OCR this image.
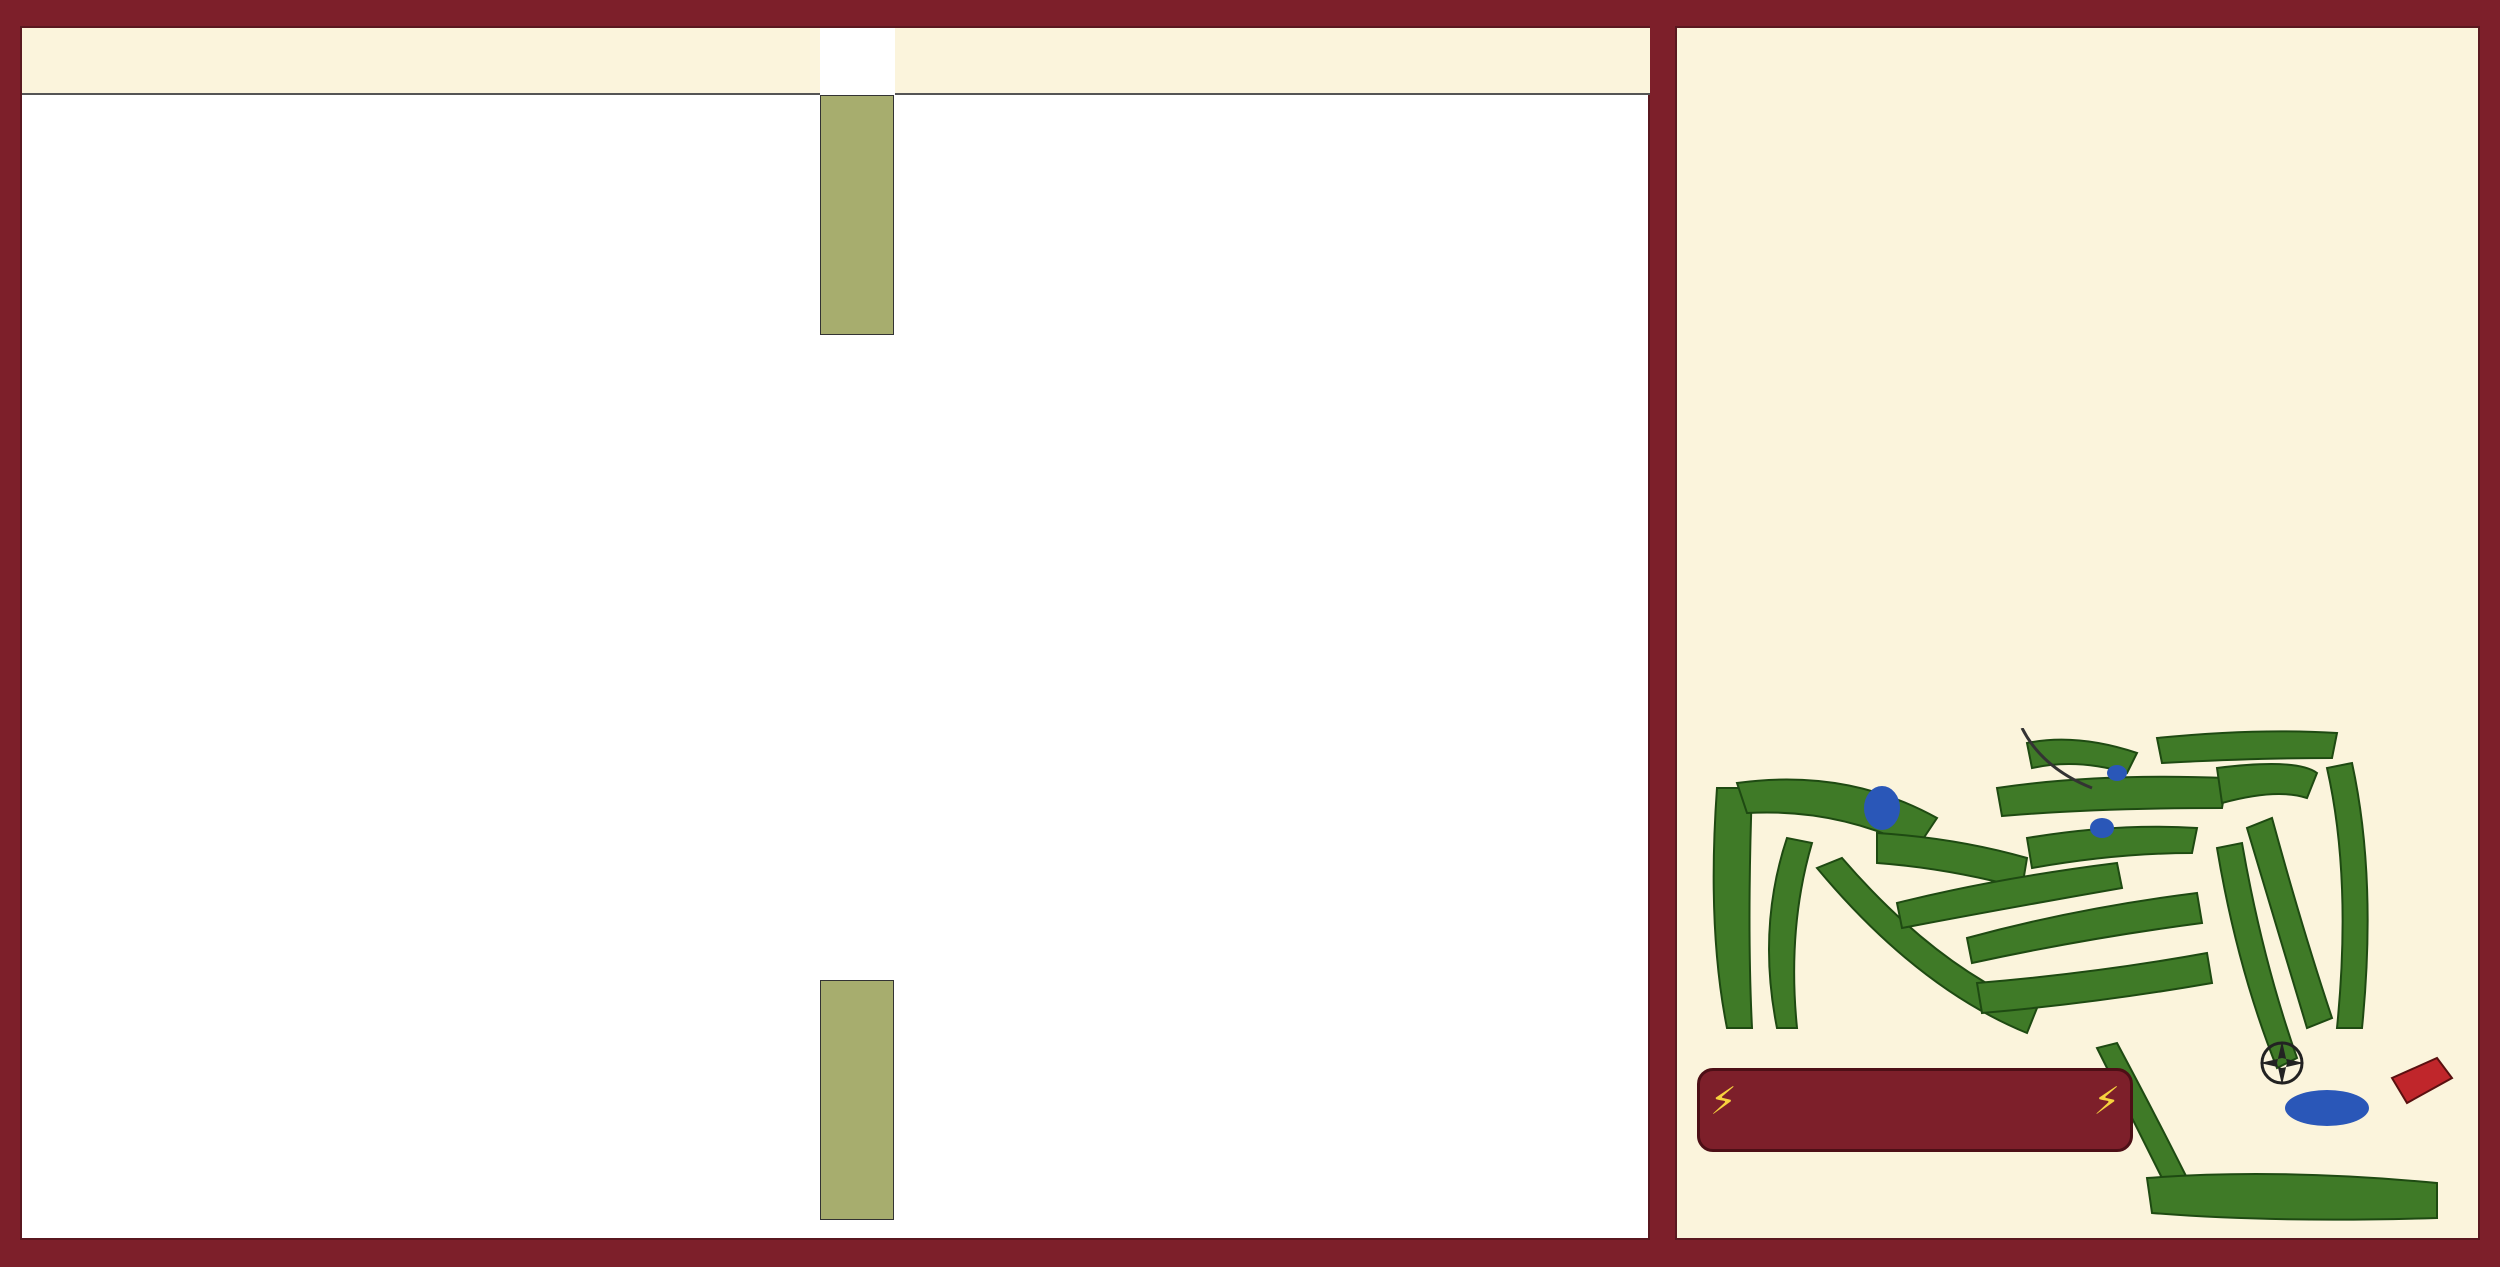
⚡	⚡
